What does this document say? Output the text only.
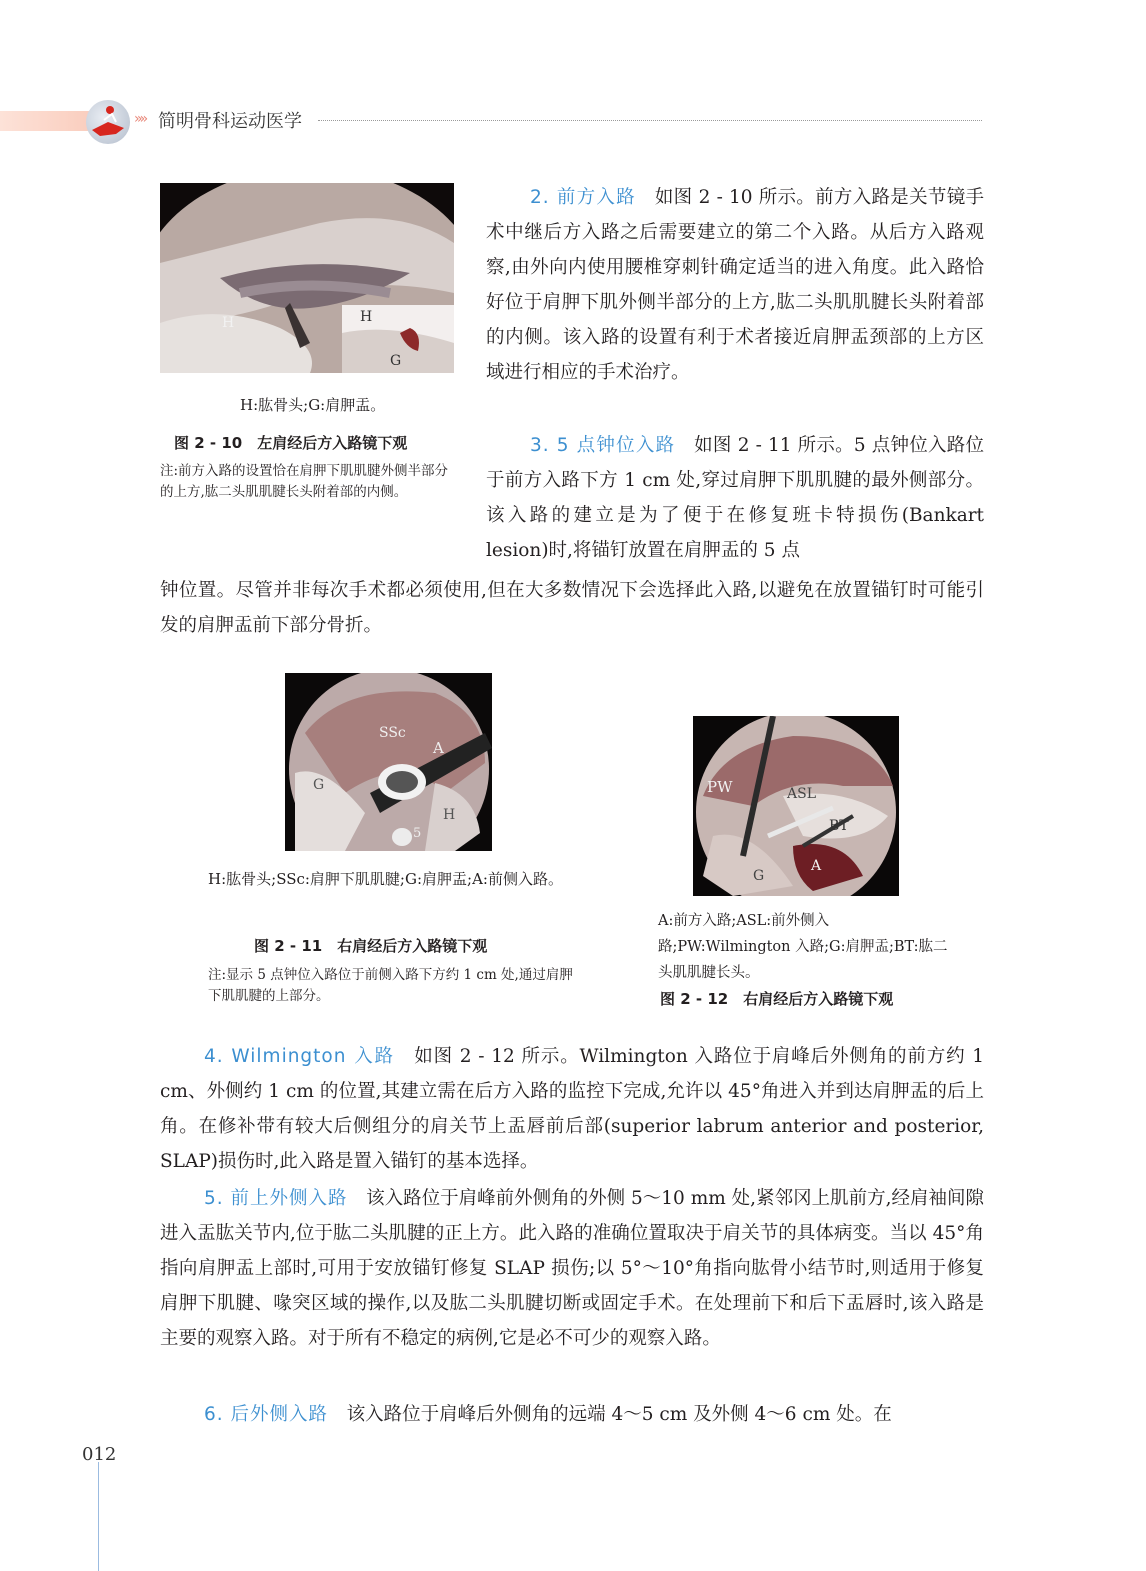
»» 简明骨科运动医学
H	H
G
H:肱骨头;G:肩胛盂。
图 2 - 10　左肩经后方入路镜下观
注:前方入路的设置恰在肩胛下肌肌腱外侧半部分的上方,肱二头肌肌腱长头附着部的内侧。
2. 前方入路　 如图 2 - 10 所示。前方入路是关节镜手术中继后方入路之后需要建立的第二个入路。从后方入路观察,由外向内使用腰椎穿刺针确定适当的进入角度。此入路恰好位于肩胛下肌外侧半部分的上方,肱二头肌肌腱长头附着部的内侧。该入路的设置有利于术者接近肩胛盂颈部的上方区域进行相应的手术治疗。
3. 5 点钟位入路　 如图 2 - 11 所示。5 点钟位入路位于前方入路下方 1 cm 处,穿过肩胛下肌肌腱的最外侧部分。该入路的建立是为了便于在修复班卡特损伤(Bankart lesion)时,将锚钉放置在肩胛盂的 5 点
钟位置。尽管并非每次手术都必须使用,但在大多数情况下会选择此入路,以避免在放置锚钉时可能引发的肩胛盂前下部分骨折。
SSc
A
G
H
5
H:肱骨头;SSc:肩胛下肌肌腱;G:肩胛盂;A:前侧入路。
图 2 - 11　右肩经后方入路镜下观
注:显示 5 点钟位入路位于前侧入路下方约 1 cm 处,通过肩胛下肌肌腱的上部分。
PW	ASL
BT
A
G
A:前方入路;ASL:前外侧入路;PW:Wilmington 入路;G:肩胛盂;BT:肱二头肌肌腱长头。
图 2 - 12　右肩经后方入路镜下观
4. Wilmington 入路　 如图 2 - 12 所示。Wilmington 入路位于肩峰后外侧角的前方约 1 cm、外侧约 1 cm 的位置,其建立需在后方入路的监控下完成,允许以 45°角进入并到达肩胛盂的后上角。在修补带有较大后侧组分的肩关节上盂唇前后部(superior labrum anterior and posterior, SLAP)损伤时,此入路是置入锚钉的基本选择。
5. 前上外侧入路　 该入路位于肩峰前外侧角的外侧 5～10 mm 处,紧邻冈上肌前方,经肩袖间隙进入盂肱关节内,位于肱二头肌腱的正上方。此入路的准确位置取决于肩关节的具体病变。当以 45°角指向肩胛盂上部时,可用于安放锚钉修复 SLAP 损伤;以 5°～10°角指向肱骨小结节时,则适用于修复肩胛下肌腱、喙突区域的操作,以及肱二头肌腱切断或固定手术。在处理前下和后下盂唇时,该入路是主要的观察入路。对于所有不稳定的病例,它是必不可少的观察入路。
6. 后外侧入路　 该入路位于肩峰后外侧角的远端 4～5 cm 及外侧 4～6 cm 处。在
012
